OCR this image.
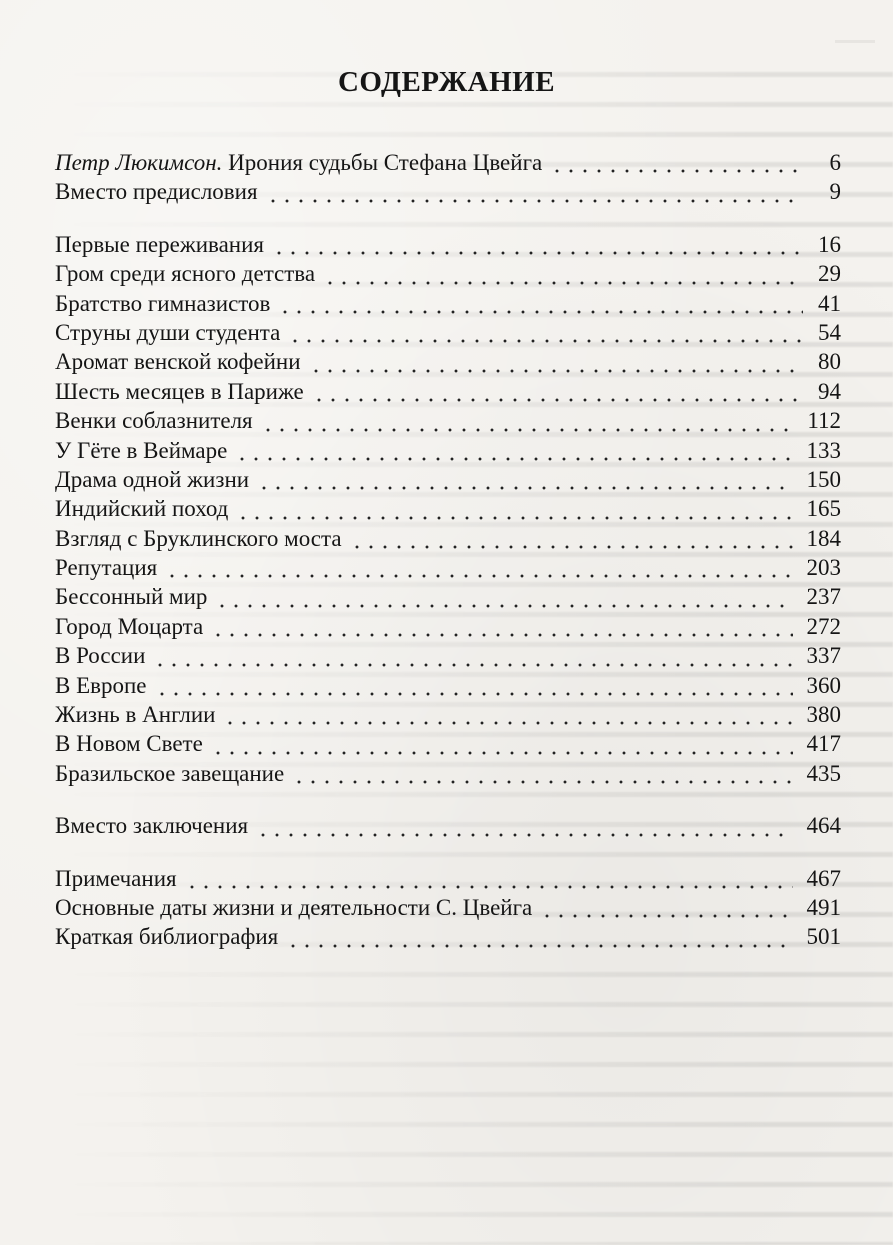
СОДЕРЖАНИЕ
Петр Люкимсон. Ирония судьбы Стефана Цвейга	6
Вместо предисловия	9
Первые переживания	16
Гром среди ясного детства	29
Братство гимназистов	41
Струны души студента	54
Аромат венской кофейни	80
Шесть месяцев в Париже	94
Венки соблазнителя	112
У Гёте в Веймаре	133
Драма одной жизни	150
Индийский поход	165
Взгляд с Бруклинского моста	184
Репутация	203
Бессонный мир	237
Город Моцарта	272
В России	337
В Европе	360
Жизнь в Англии	380
В Новом Свете	417
Бразильское завещание	435
Вместо заключения	464
Примечания	467
Основные даты жизни и деятельности С. Цвейга	491
Краткая библиография	501
